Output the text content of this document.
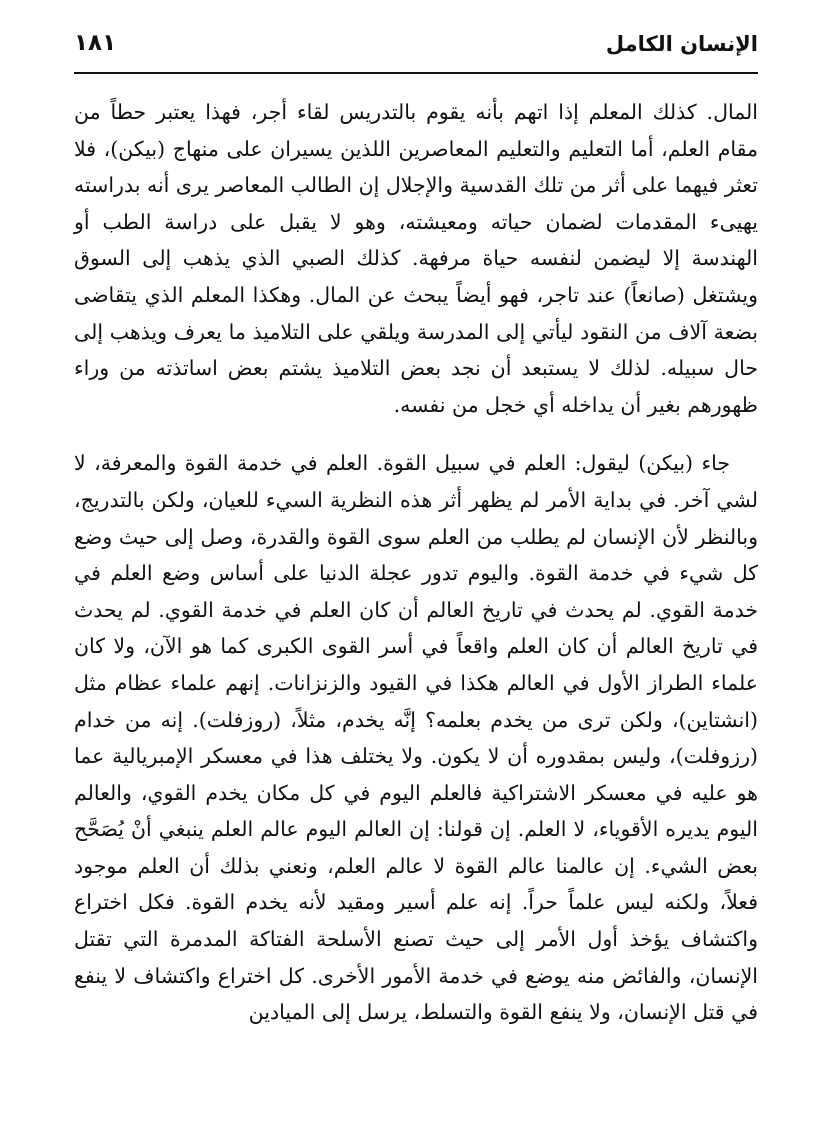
الإنسان الكامل
١٨١

المال. كذلك المعلم إذا اتهم بأنه يقوم بالتدريس لقاء أجر، فهذا يعتبر حطاً من مقام العلم، أما التعليم والتعليم المعاصرين اللذين يسيران على منهاج (بيكن)، فلا تعثر فيهما على أثر من تلك القدسية والإجلال إن الطالب المعاصر يرى أنه بدراسته يهيىء المقدمات لضمان حياته ومعيشته، وهو لا يقبل على دراسة الطب أو الهندسة إلا ليضمن لنفسه حياة مرفهة. كذلك الصبي الذي يذهب إلى السوق ويشتغل (صانعاً) عند تاجر، فهو أيضاً يبحث عن المال. وهكذا المعلم الذي يتقاضى بضعة آلاف من النقود ليأتي إلى المدرسة ويلقي على التلاميذ ما يعرف ويذهب إلى حال سبيله. لذلك لا يستبعد أن نجد بعض التلاميذ يشتم بعض اساتذته من وراء ظهورهم بغير أن يداخله أي خجل من نفسه.

جاء (بيكن) ليقول: العلم في سبيل القوة. العلم في خدمة القوة والمعرفة، لا لشي آخر. في بداية الأمر لم يظهر أثر هذه النظرية السيء للعيان، ولكن بالتدريج، وبالنظر لأن الإنسان لم يطلب من العلم سوى القوة والقدرة، وصل إلى حيث وضع كل شيء في خدمة القوة. واليوم تدور عجلة الدنيا على أساس وضع العلم في خدمة القوي. لم يحدث في تاريخ العالم أن كان العلم في خدمة القوي. لم يحدث في تاريخ العالم أن كان العلم واقعاً في أسر القوى الكبرى كما هو الآن، ولا كان علماء الطراز الأول في العالم هكذا في القيود والزنزانات. إنهم علماء عظام مثل (انشتاين)، ولكن ترى من يخدم بعلمه؟ إنَّه يخدم، مثلاً، (روزفلت). إنه من خدام (رزوفلت)، وليس بمقدوره أن لا يكون. ولا يختلف هذا في معسكر الإمبريالية عما هو عليه في معسكر الاشتراكية فالعلم اليوم في كل مكان يخدم القوي، والعالم اليوم يديره الأقوياء، لا العلم. إن قولنا: إن العالم اليوم عالم العلم ينبغي أنْ يُصَحَّح بعض الشيء. إن عالمنا عالم القوة لا عالم العلم، ونعني بذلك أن العلم موجود فعلاً، ولكنه ليس علماً حراً. إنه علم أسير ومقيد لأنه يخدم القوة. فكل اختراع واكتشاف يؤخذ أول الأمر إلى حيث تصنع الأسلحة الفتاكة المدمرة التي تقتل الإنسان، والفائض منه يوضع في خدمة الأمور الأخرى. كل اختراع واكتشاف لا ينفع في قتل الإنسان، ولا ينفع القوة والتسلط، يرسل إلى الميادين
